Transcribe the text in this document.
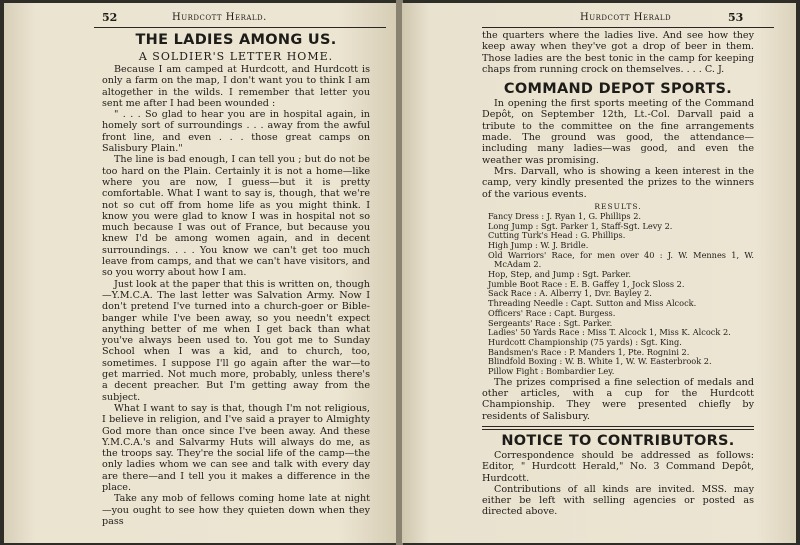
52	Hurdcott Herald.
THE LADIES AMONG US.
A SOLDIER'S LETTER HOME.

Because I am camped at Hurdcott, and Hurdcott is only a farm on the map, I don't want you to think I am altogether in the wilds. I remember that letter you sent me after I had been wounded :

" . . . So glad to hear you are in hospital again, in homely sort of surroundings . . . away from the awful front line, and even . . . those great camps on Salisbury Plain."

The line is bad enough, I can tell you ; but do not be too hard on the Plain. Certainly it is not a home—like where you are now, I guess—but it is pretty comfortable. What I want to say is, though, that we're not so cut off from home life as you might think. I know you were glad to know I was in hospital not so much because I was out of France, but because you knew I'd be among women again, and in decent surroundings. . . . You know we can't get too much leave from camps, and that we can't have visitors, and so you worry about how I am.

Just look at the paper that this is written on, though—Y.M.C.A. The last letter was Salvation Army. Now I don't pretend I've turned into a church-goer or Bible-banger while I've been away, so you needn't expect anything better of me when I get back than what you've always been used to. You got me to Sunday School when I was a kid, and to church, too, sometimes. I suppose I'll go again after the war—to get married. Not much more, probably, unless there's a decent preacher. But I'm getting away from the subject.

What I want to say is that, though I'm not religious, I believe in religion, and I've said a prayer to Almighty God more than once since I've been away. And these Y.M.C.A.'s and Salvarmy Huts will always do me, as the troops say. They're the social life of the camp—the only ladies whom we can see and talk with every day are there—and I tell you it makes a difference in the place.

Take any mob of fellows coming home late at night—you ought to see how they quieten down when they pass

Hurdcott Herald	53

the quarters where the ladies live. And see how they keep away when they've got a drop of beer in them. Those ladies are the best tonic in the camp for keeping chaps from running crock on themselves. . . . C. J.

COMMAND DEPOT SPORTS.

In opening the first sports meeting of the Command Depôt, on September 12th, Lt.-Col. Darvall paid a tribute to the committee on the fine arrangements made. The ground was good, the attendance—including many ladies—was good, and even the weather was promising.

Mrs. Darvall, who is showing a keen interest in the camp, very kindly presented the prizes to the winners of the various events.

RESULTS.
Fancy Dress : J. Ryan 1, G. Phillips 2.
Long Jump : Sgt. Parker 1, Staff-Sgt. Levy 2.
Cutting Turk's Head : G. Phillips.
High Jump : W. J. Bridle.
Old Warriors' Race, for men over 40 : J. W. Mennes 1, W. McAdam 2.
Hop, Step, and Jump : Sgt. Parker.
Jumble Boot Race : E. B. Gaffey 1, Jock Sloss 2.
Sack Race : A. Alberry 1, Dvr. Bayley 2.
Threading Needle : Capt. Sutton and Miss Alcock.
Officers' Race : Capt. Burgess.
Sergeants' Race : Sgt. Parker.
Ladies' 50 Yards Race : Miss T. Alcock 1, Miss K. Alcock 2.
Hurdcott Championship (75 yards) : Sgt. King.
Bandsmen's Race : P. Manders 1, Pte. Rognini 2.
Blindfold Boxing : W. B. White 1, W. W. Easterbrook 2.
Pillow Fight : Bombardier Ley.

The prizes comprised a fine selection of medals and other articles, with a cup for the Hurdcott Championship. They were presented chiefly by residents of Salisbury.

NOTICE TO CONTRIBUTORS.

Correspondence should be addressed as follows: Editor, " Hurdcott Herald," No. 3 Command Depôt, Hurdcott.

Contributions of all kinds are invited. MSS. may either be left with selling agencies or posted as directed above.
